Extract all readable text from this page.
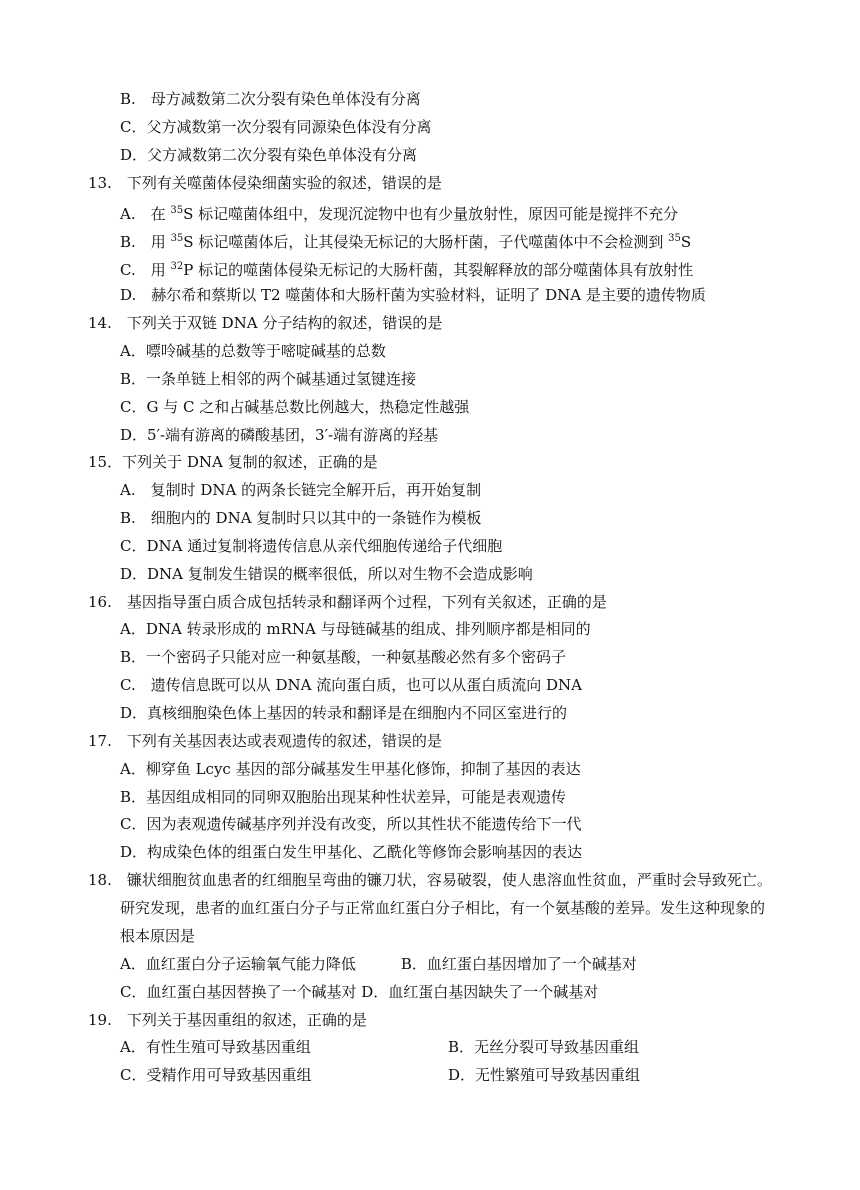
B.　母方减数第二次分裂有染色单体没有分离
C．父方减数第一次分裂有同源染色体没有分离
D．父方减数第二次分裂有染色单体没有分离
13.　下列有关噬菌体侵染细菌实验的叙述，错误的是
A.　在 $^{35}$S 标记噬菌体组中，发现沉淀物中也有少量放射性，原因可能是搅拌不充分
B.　用 $^{35}$S 标记噬菌体后，让其侵染无标记的大肠杆菌，子代噬菌体中不会检测到 $^{35}$S
C.　用 $^{32}$P 标记的噬菌体侵染无标记的大肠杆菌，其裂解释放的部分噬菌体具有放射性
D.　赫尔希和蔡斯以 T2 噬菌体和大肠杆菌为实验材料，证明了 DNA 是主要的遗传物质
14.　下列关于双链 DNA 分子结构的叙述，错误的是
A．嘌呤碱基的总数等于嘧啶碱基的总数
B．一条单链上相邻的两个碱基通过氢键连接
C．G 与 C 之和占碱基总数比例越大，热稳定性越强
D．5′-端有游离的磷酸基团，3′-端有游离的羟基
15．下列关于 DNA 复制的叙述，正确的是
A.　复制时 DNA 的两条长链完全解开后，再开始复制
B.　细胞内的 DNA 复制时只以其中的一条链作为模板
C．DNA 通过复制将遗传信息从亲代细胞传递给子代细胞
D．DNA 复制发生错误的概率很低，所以对生物不会造成影响
16.　基因指导蛋白质合成包括转录和翻译两个过程，下列有关叙述，正确的是
A．DNA 转录形成的 mRNA 与母链碱基的组成、排列顺序都是相同的
B．一个密码子只能对应一种氨基酸，一种氨基酸必然有多个密码子
C.　遗传信息既可以从 DNA 流向蛋白质，也可以从蛋白质流向 DNA
D．真核细胞染色体上基因的转录和翻译是在细胞内不同区室进行的
17.　下列有关基因表达或表观遗传的叙述，错误的是
A．柳穿鱼 Lcyc 基因的部分碱基发生甲基化修饰，抑制了基因的表达
B．基因组成相同的同卵双胞胎出现某种性状差异，可能是表观遗传
C．因为表观遗传碱基序列并没有改变，所以其性状不能遗传给下一代
D．构成染色体的组蛋白发生甲基化、乙酰化等修饰会影响基因的表达
18.　镰状细胞贫血患者的红细胞呈弯曲的镰刀状，容易破裂，使人患溶血性贫血，严重时会导致死亡。
研究发现，患者的血红蛋白分子与正常血红蛋白分子相比，有一个氨基酸的差异。发生这种现象的
根本原因是
A．血红蛋白分子运输氧气能力降低　　　B．血红蛋白基因增加了一个碱基对
C．血红蛋白基因替换了一个碱基对 D．血红蛋白基因缺失了一个碱基对
19.　下列关于基因重组的叙述，正确的是
A．有性生殖可导致基因重组	B．无丝分裂可导致基因重组
C．受精作用可导致基因重组	D．无性繁殖可导致基因重组
